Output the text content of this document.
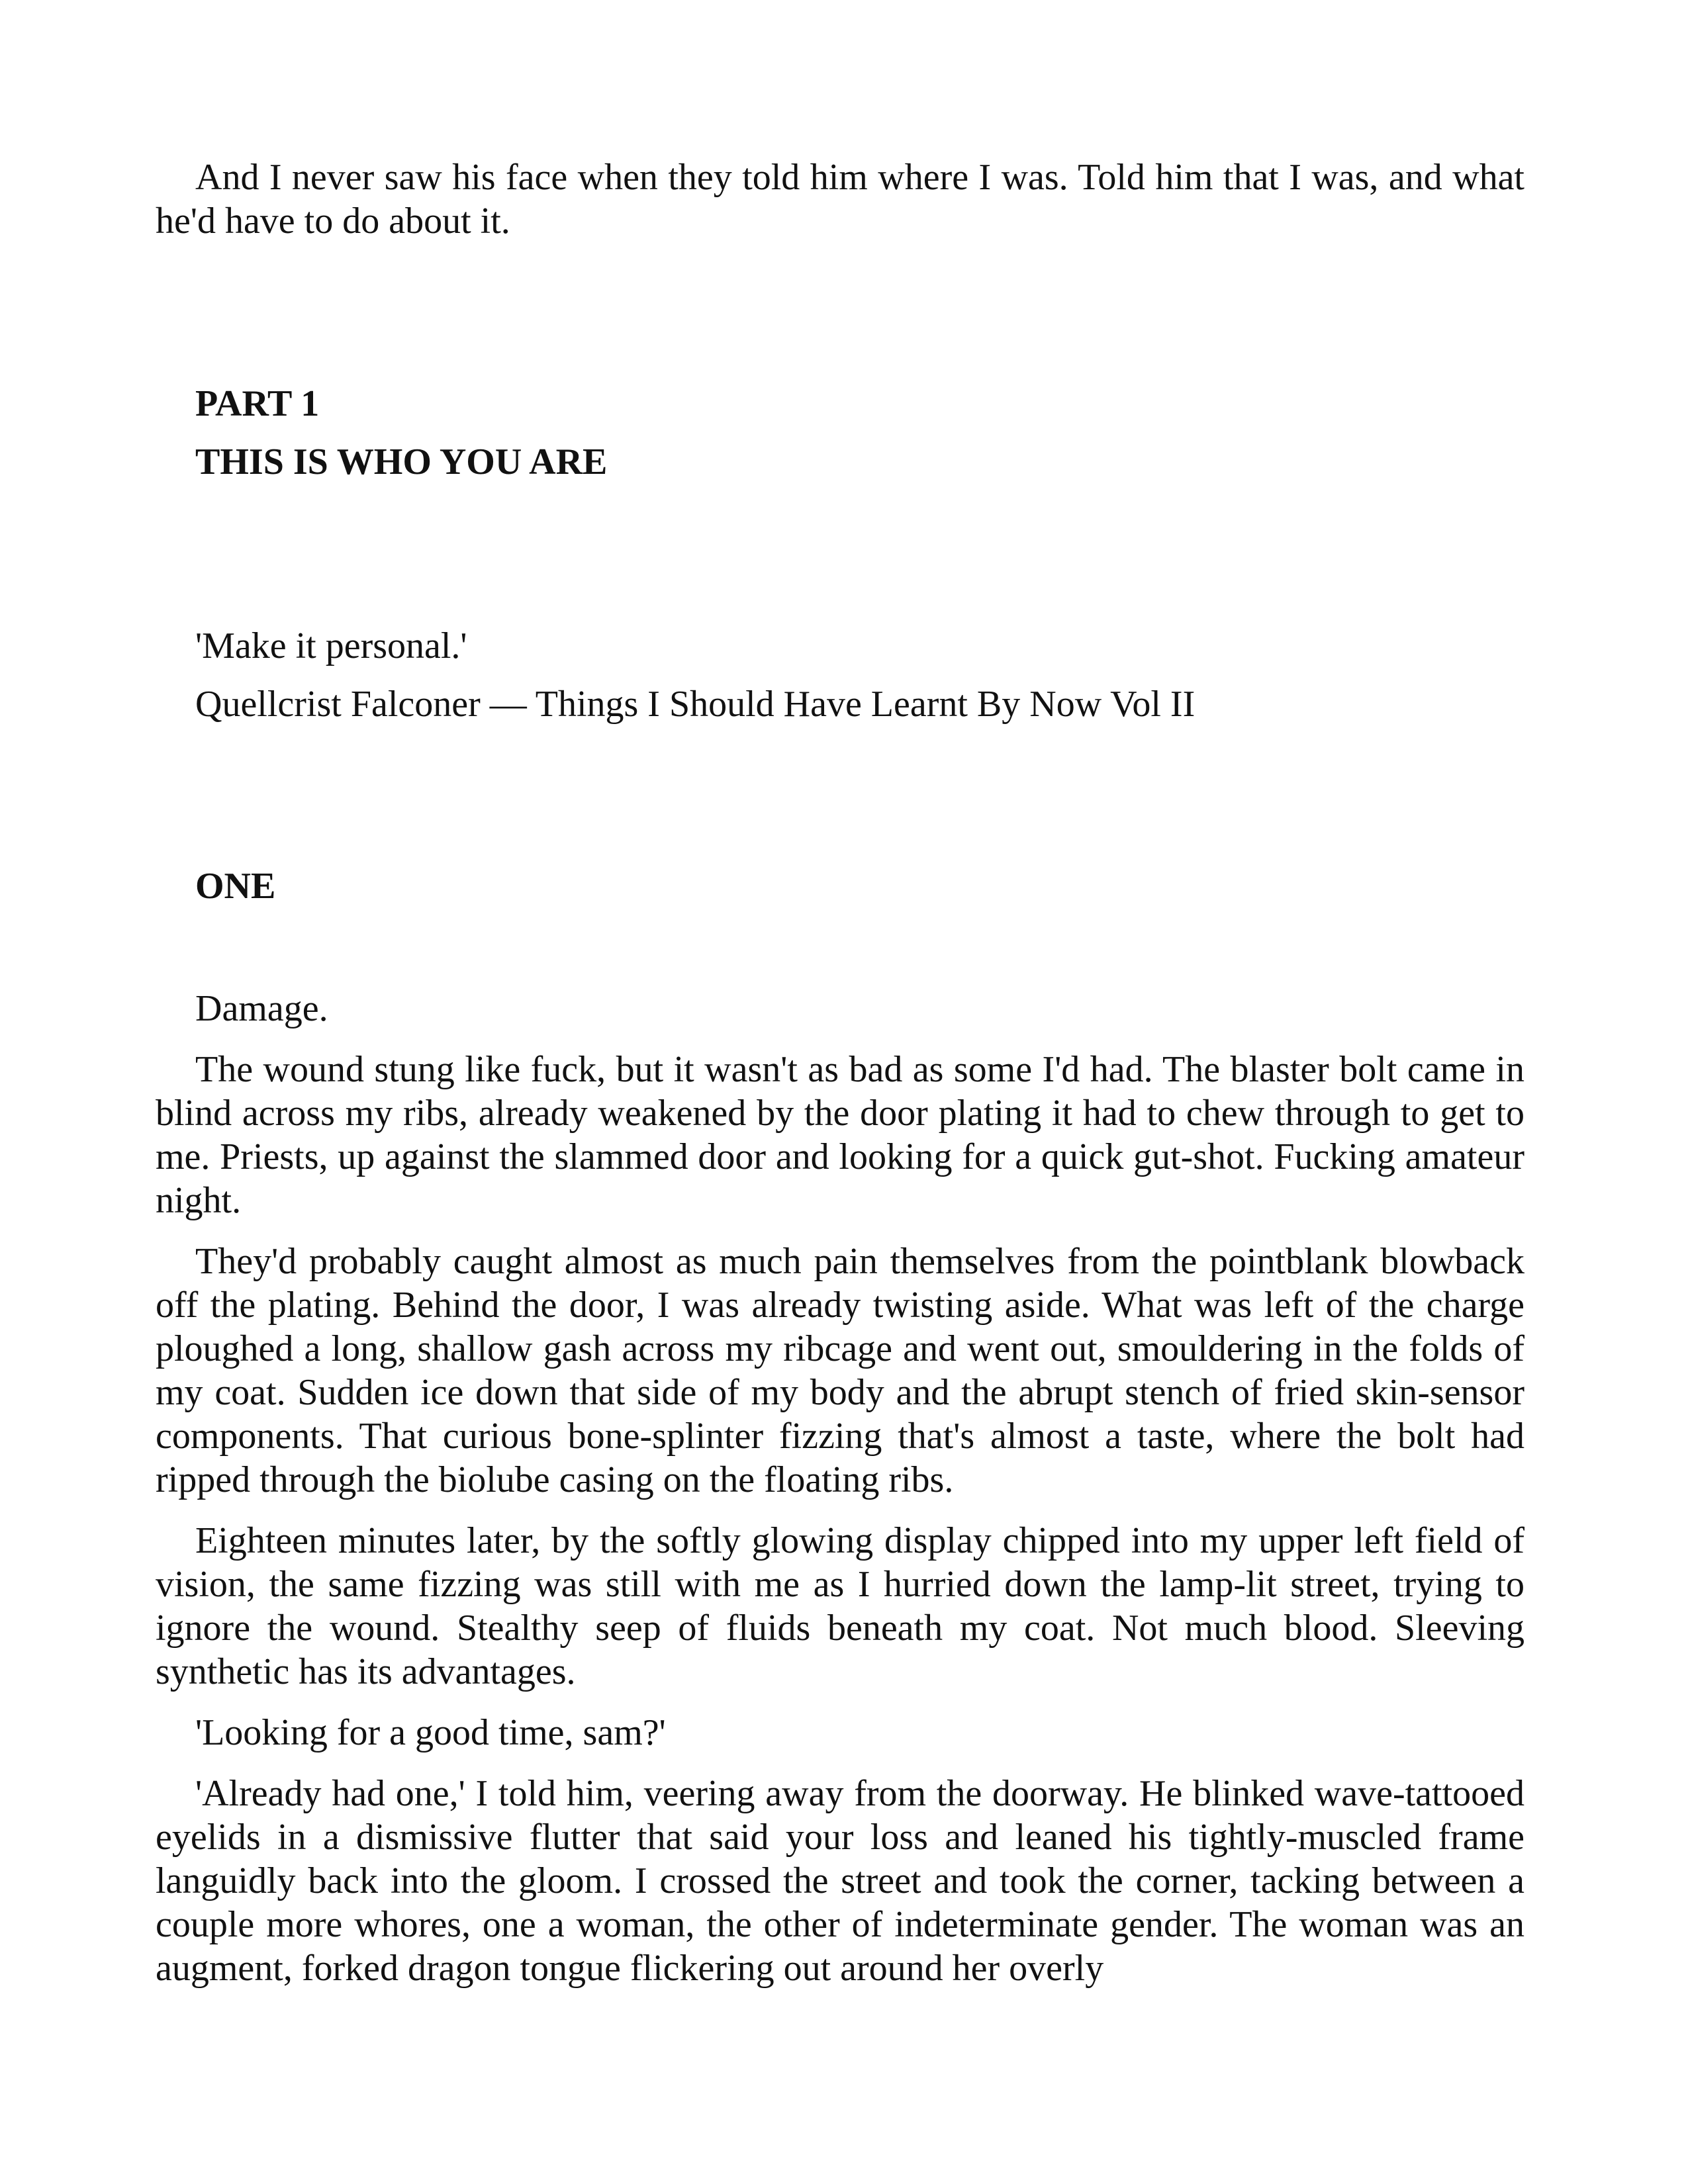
And I never saw his face when they told him where I was. Told him that I was, and what he'd have to do about it.

PART 1
THIS IS WHO YOU ARE
'Make it personal.'
Quellcrist Falconer — Things I Should Have Learnt By Now Vol II
ONE

Damage.

The wound stung like fuck, but it wasn't as bad as some I'd had. The blaster bolt came in blind across my ribs, already weakened by the door plating it had to chew through to get to me. Priests, up against the slammed door and looking for a quick gut-shot. Fucking amateur night.

They'd probably caught almost as much pain themselves from the pointblank blowback off the plating. Behind the door, I was already twisting aside. What was left of the charge ploughed a long, shallow gash across my ribcage and went out, smouldering in the folds of my coat. Sudden ice down that side of my body and the abrupt stench of fried skin-sensor components. That curious bone-splinter fizzing that's almost a taste, where the bolt had ripped through the biolube casing on the floating ribs.

Eighteen minutes later, by the softly glowing display chipped into my upper left field of vision, the same fizzing was still with me as I hurried down the lamp-lit street, trying to ignore the wound. Stealthy seep of fluids beneath my coat. Not much blood. Sleeving synthetic has its advantages.

'Looking for a good time, sam?'

'Already had one,' I told him, veering away from the doorway. He blinked wave-tattooed eyelids in a dismissive flutter that said your loss and leaned his tightly-muscled frame languidly back into the gloom. I crossed the street and took the corner, tacking between a couple more whores, one a woman, the other of indeterminate gender. The woman was an augment, forked dragon tongue flickering out around her overly
